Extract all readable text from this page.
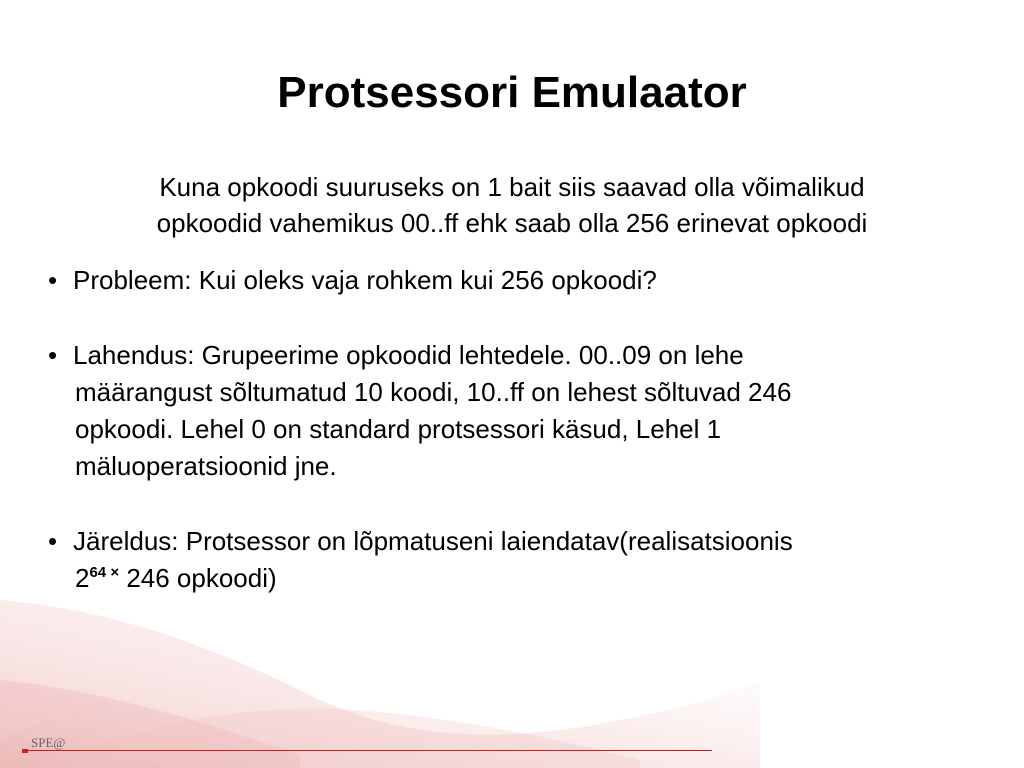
Protsessori Emulaator
Kuna opkoodi suuruseks on 1 bait siis saavad olla võimalikud
opkoodid vahemikus 00..ff ehk saab olla 256 erinevat opkoodi
• Probleem: Kui oleks vaja rohkem kui 256 opkoodi?
• Lahendus: Grupeerime opkoodid lehtedele. 00..09 on lehe
määrangust sõltumatud 10 koodi, 10..ff on lehest sõltuvad 246
opkoodi. Lehel 0 on standard protsessori käsud, Lehel 1
mäluoperatsioonid jne.
• Järeldus: Protsessor on lõpmatuseni laiendatav(realisatsioonis
$2^{64 \times}$ 246 opkoodi)
SPE@
